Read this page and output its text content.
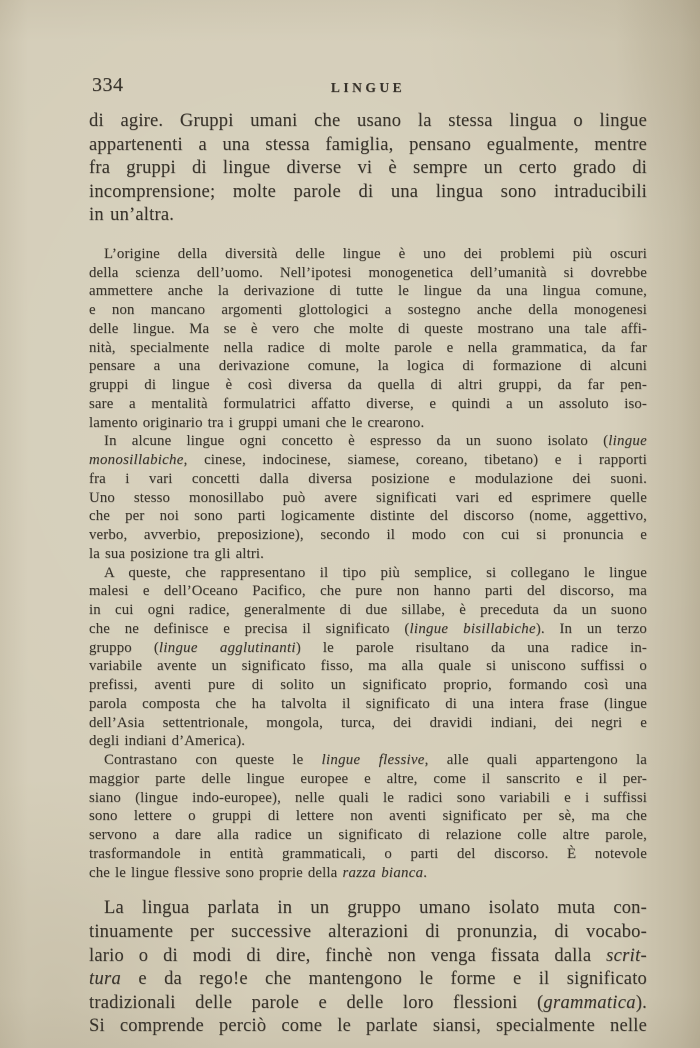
334	LINGUE
di agire. Gruppi umani che usano la stessa lingua o lingue
appartenenti a una stessa famiglia, pensano egualmente, mentre
fra gruppi di lingue diverse vi è sempre un certo grado di
incomprensione; molte parole di una lingua sono intraducibili
in un’altra.
L’origine della diversità delle lingue è uno dei problemi più oscuri
della scienza dell’uomo. Nell’ipotesi monogenetica dell’umanità si dovrebbe
ammettere anche la derivazione di tutte le lingue da una lingua comune,
e non mancano argomenti glottologici a sostegno anche della monogenesi
delle lingue. Ma se è vero che molte di queste mostrano una tale affi-
nità, specialmente nella radice di molte parole e nella grammatica, da far
pensare a una derivazione comune, la logica di formazione di alcuni
gruppi di lingue è così diversa da quella di altri gruppi, da far pen-
sare a mentalità formulatrici affatto diverse, e quindi a un assoluto iso-
lamento originario tra i gruppi umani che le crearono.
In alcune lingue ogni concetto è espresso da un suono isolato (lingue
monosillabiche, cinese, indocinese, siamese, coreano, tibetano) e i rapporti
fra i vari concetti dalla diversa posizione e modulazione dei suoni.
Uno stesso monosillabo può avere significati vari ed esprimere quelle
che per noi sono parti logicamente distinte del discorso (nome, aggettivo,
verbo, avverbio, preposizione), secondo il modo con cui si pronuncia e
la sua posizione tra gli altri.
A queste, che rappresentano il tipo più semplice, si collegano le lingue
malesi e dell’Oceano Pacifico, che pure non hanno parti del discorso, ma
in cui ogni radice, generalmente di due sillabe, è preceduta da un suono
che ne definisce e precisa il significato (lingue bisillabiche). In un terzo
gruppo (lingue agglutinanti) le parole risultano da una radice in-
variabile avente un significato fisso, ma alla quale si uniscono suffissi o
prefissi, aventi pure di solito un significato proprio, formando così una
parola composta che ha talvolta il significato di una intera frase (lingue
dell’Asia settentrionale, mongola, turca, dei dravidi indiani, dei negri e
degli indiani d’America).
Contrastano con queste le lingue flessive, alle quali appartengono la
maggior parte delle lingue europee e altre, come il sanscrito e il per-
siano (lingue indo-europee), nelle quali le radici sono variabili e i suffissi
sono lettere o gruppi di lettere non aventi significato per sè, ma che
servono a dare alla radice un significato di relazione colle altre parole,
trasformandole in entità grammaticali, o parti del discorso. È notevole
che le lingue flessive sono proprie della razza bianca.
La lingua parlata in un gruppo umano isolato muta con-
tinuamente per successive alterazioni di pronunzia, di vocabo-
lario o di modi di dire, finchè non venga fissata dalla scrit-
tura e da rego!e che mantengono le forme e il significato
tradizionali delle parole e delle loro flessioni (grammatica).
Si comprende perciò come le parlate siansi, specialmente nelle
